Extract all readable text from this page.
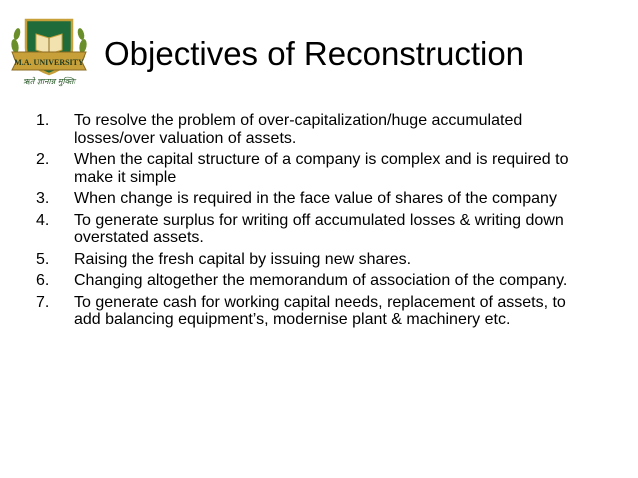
M.A. UNIVERSITY
ऋते ज्ञानान्न मुक्तिः
Objectives of Reconstruction
1. To resolve the problem of over-capitalization/huge accumulated losses/over valuation of assets.
2. When the capital structure of a company is complex and is required to make it simple
3. When change is required in the face value of shares of the company
4. To generate surplus for writing off accumulated losses & writing down overstated assets.
5. Raising the fresh capital by issuing new shares.
6. Changing altogether the memorandum of association of the company.
7. To generate cash for working capital needs, replacement of assets, to add balancing equipment’s, modernise plant & machinery etc.
